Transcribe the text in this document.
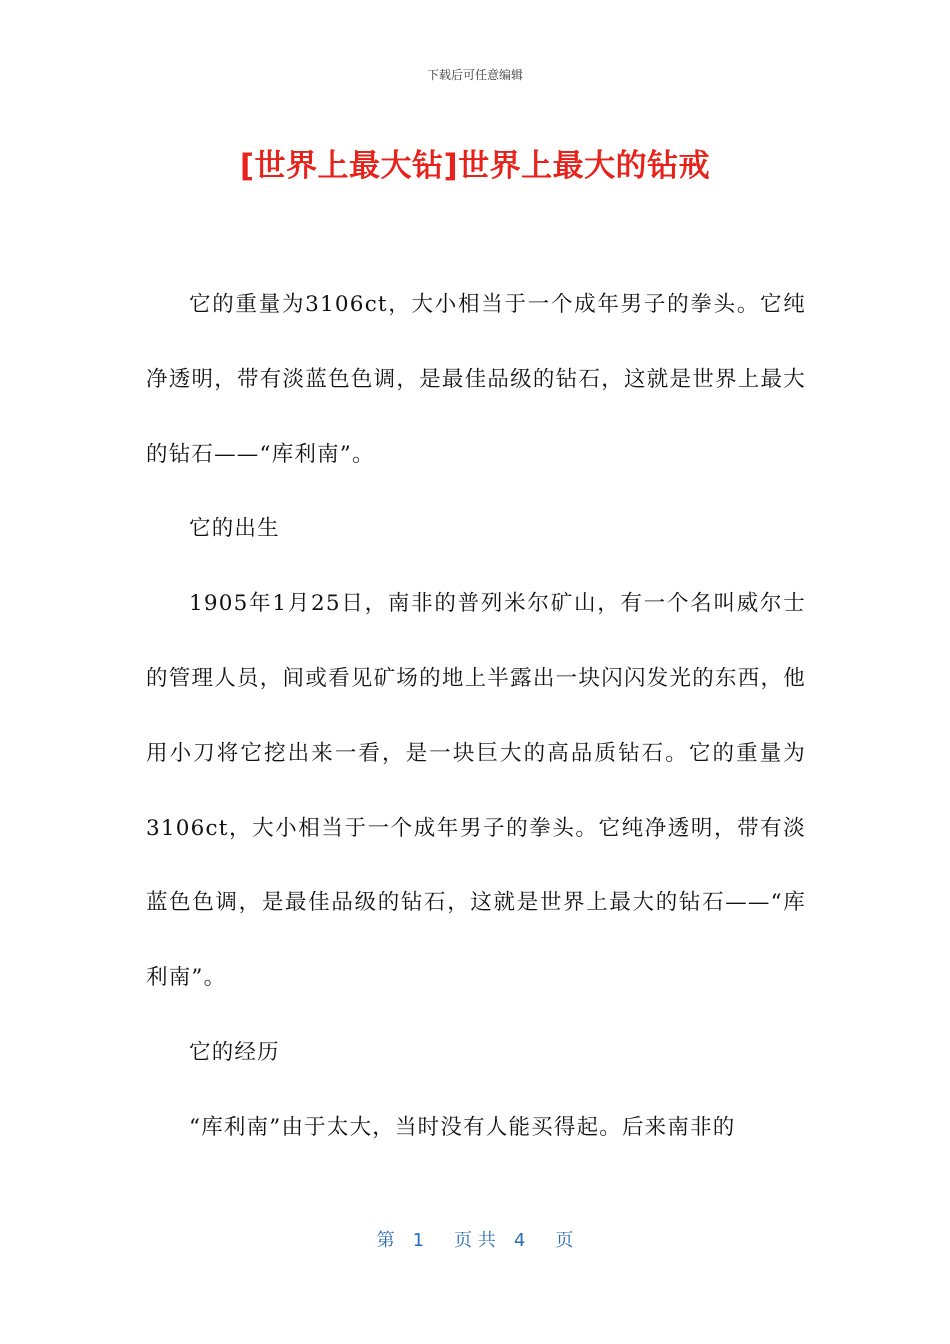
下载后可任意编辑
[世界上最大钻]世界上最大的钻戒

它的重量为3106ct，大小相当于一个成年男子的拳头。它纯净透明，带有淡蓝色色调，是最佳品级的钻石，这就是世界上最大的钻石——“库利南”。

它的出生

1905年1月25日，南非的普列米尔矿山，有一个名叫威尔士的管理人员，间或看见矿场的地上半露出一块闪闪发光的东西，他用小刀将它挖出来一看，是一块巨大的高品质钻石。它的重量为3106ct，大小相当于一个成年男子的拳头。它纯净透明，带有淡蓝色色调，是最佳品级的钻石，这就是世界上最大的钻石——“库利南”。

它的经历

“库利南”由于太大，当时没有人能买得起。后来南非的

第 1 页 共 4 页
